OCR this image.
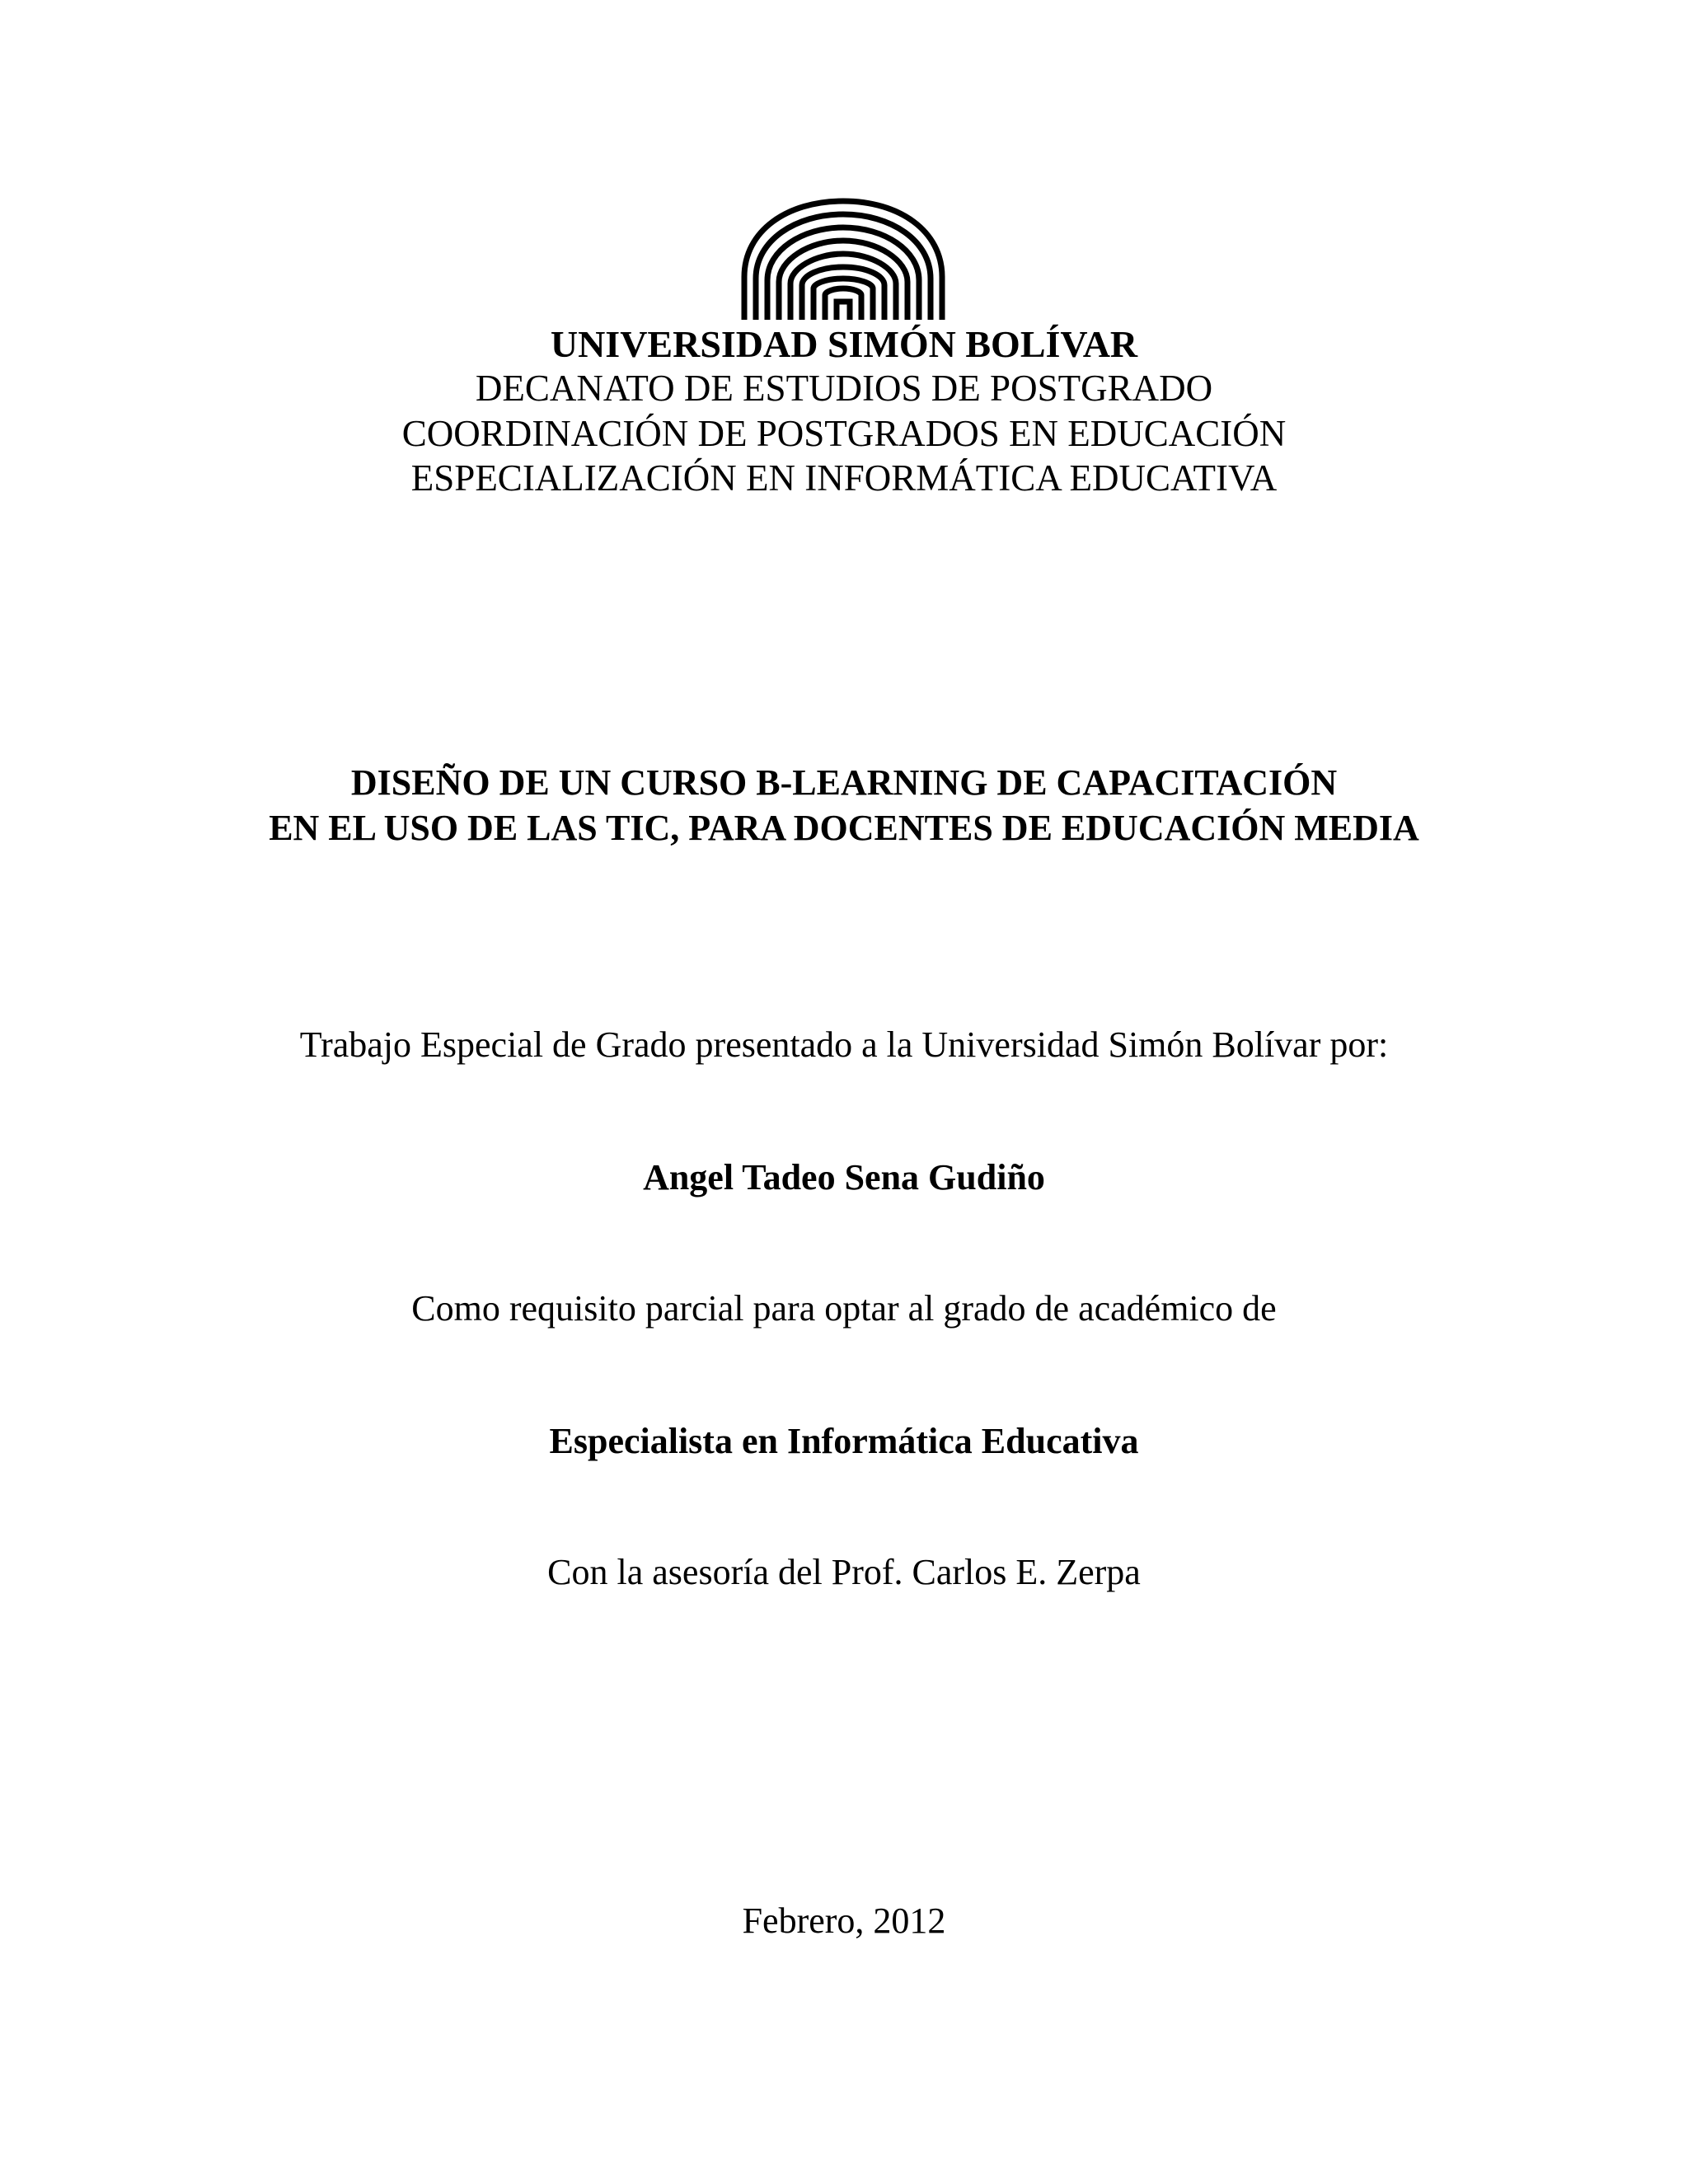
UNIVERSIDAD SIMÓN BOLÍVAR
DECANATO DE ESTUDIOS DE POSTGRADO
COORDINACIÓN DE POSTGRADOS EN EDUCACIÓN
ESPECIALIZACIÓN EN INFORMÁTICA EDUCATIVA
DISEÑO DE UN CURSO B-LEARNING DE CAPACITACIÓN
EN EL USO DE LAS TIC, PARA DOCENTES DE EDUCACIÓN MEDIA
Trabajo Especial de Grado presentado a la Universidad Simón Bolívar por:
Angel Tadeo Sena Gudiño
Como requisito parcial para optar al grado de académico de
Especialista en Informática Educativa
Con la asesoría del Prof. Carlos E. Zerpa
Febrero, 2012
